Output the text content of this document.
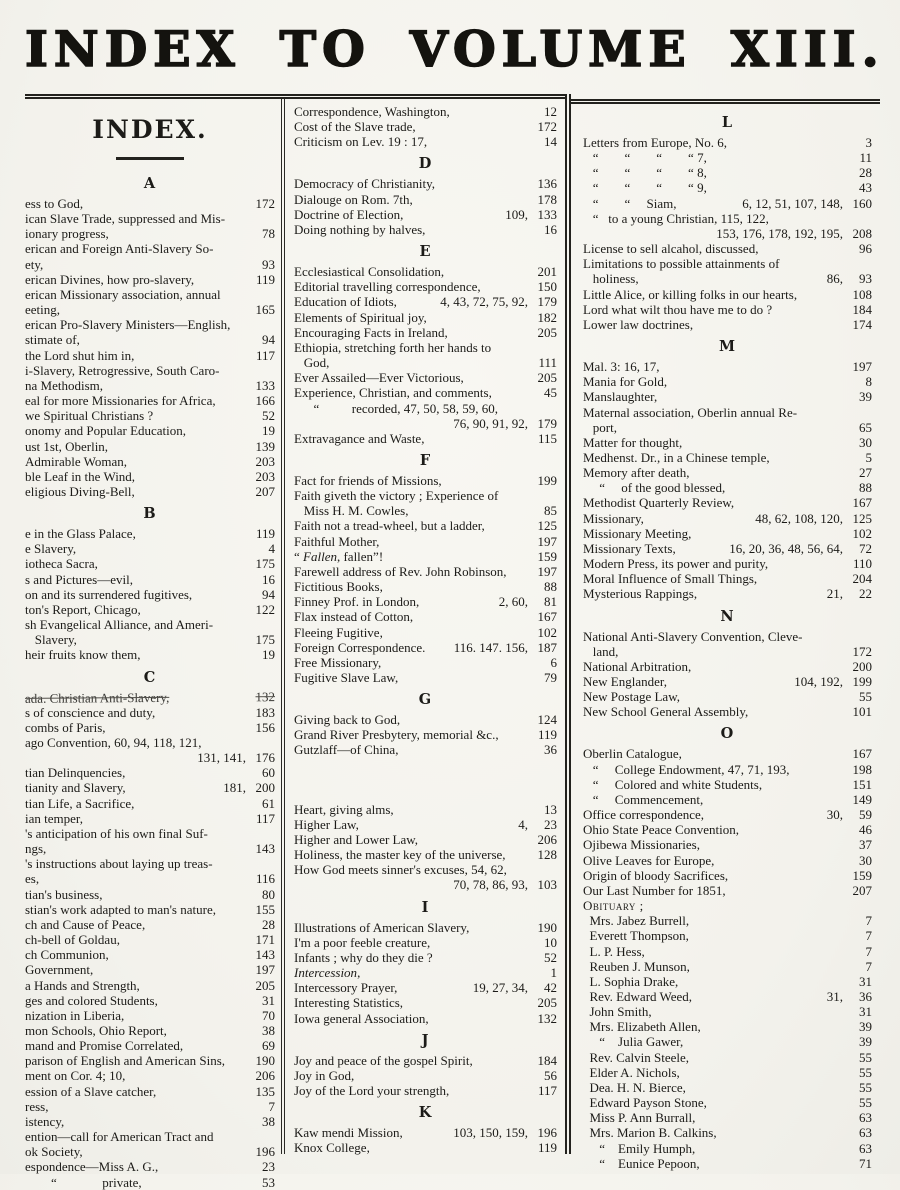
INDEX TO VOLUME XIII.
INDEX.
A
ess to God,	172
ican Slave Trade, suppressed and Mis-
ionary progress,	78
erican and Foreign Anti-Slavery So-
ety,	93
erican Divines, how pro-slavery,	119
erican Missionary association, annual
eeting,	165
erican Pro-Slavery Ministers—English,
stimate of,	94
the Lord shut him in,	117
i-Slavery, Retrogressive, South Caro-
na Methodism,	133
eal for more Missionaries for Africa,	166
we Spiritual Christians ?	52
onomy and Popular Education,	19
ust 1st, Oberlin,	139
Admirable Woman,	203
ble Leaf in the Wind,	203
eligious Diving-Bell,	207
B
e in the Glass Palace,	119
e Slavery,	4
iotheca Sacra,	175
s and Pictures—evil,	16
on and its surrendered fugitives,	94
ton's Report, Chicago,	122
sh Evangelical Alliance, and Ameri-
Slavery,	175
heir fruits know them,	19
C
ada. Christian Anti-Slavery,	132
s of conscience and duty,	183
combs of Paris,	156
ago Convention, 60, 94, 118, 121,
131, 141, 176
tian Delinquencies,	60
tianity and Slavery,	181, 200
tian Life, a Sacrifice,	61
ian temper,	117
's anticipation of his own final Suf-
ngs,	143
's instructions about laying up treas-
es,	116
tian's business,	80
stian's work adapted to man's nature,	155
ch and Cause of Peace,	28
ch-bell of Goldau,	171
ch Communion,	143
Government,	197
a Hands and Strength,	205
ges and colored Students,	31
nization in Liberia,	70
mon Schools, Ohio Report,	38
mand and Promise Correlated,	69
parison of English and American Sins,	190
ment on Cor. 4; 10,	206
ession of a Slave catcher,	135
ress,	7
istency,	38
ention—call for American Tract and
ok Society,	196
espondence—Miss A. G.,	23
“              private,	53
Correspondence, Washington,	12
Cost of the Slave trade,	172
Criticism on Lev. 19 : 17,	14
D
Democracy of Christianity,	136
Dialouge on Rom. 7th,	178
Doctrine of Election,	109, 133
Doing nothing by halves,	16
E
Ecclesiastical Consolidation,	201
Editorial travelling correspondence,	150
Education of Idiots,	4, 43, 72, 75, 92, 179
Elements of Spiritual joy,	182
Encouraging Facts in Ireland,	205
Ethiopia, stretching forth her hands to
God,	111
Ever Assailed—Ever Victorious,	205
Experience, Christian, and comments,	45
“          recorded, 47, 50, 58, 59, 60,
76, 90, 91, 92, 179
Extravagance and Waste,	115
F
Fact for friends of Missions,	199
Faith giveth the victory ; Experience of
Miss H. M. Cowles,	85
Faith not a tread-wheel, but a ladder,	125
Faithful Mother,	197
“ Fallen, fallen”!	159
Farewell address of Rev. John Robinson,	197
Fictitious Books,	88
Finney Prof. in London,	2, 60,	81
Flax instead of Cotton,	167
Fleeing Fugitive,	102
Foreign Correspondence.	116. 147. 156, 187
Free Missionary,	6
Fugitive Slave Law,	79
G
Giving back to God,	124
Grand River Presbytery, memorial &c.,	119
Gutzlaff—of China,	36
Heart, giving alms,	13
Higher Law,	4,	23
Higher and Lower Law,	206
Holiness, the master key of the universe,	128
How God meets sinner's excuses, 54, 62,
70, 78, 86, 93, 103
I
Illustrations of American Slavery,	190
I'm a poor feeble creature,	10
Infants ; why do they die ?	52
Intercession,	1
Intercessory Prayer,	19, 27, 34,	42
Interesting Statistics,	205
Iowa general Association,	132
J
Joy and peace of the gospel Spirit,	184
Joy in God,	56
Joy of the Lord your strength,	117
K
Kaw mendi Mission,	103, 150, 159, 196
Knox College,	119
L
Letters from Europe, No. 6,	3
“        “        “        “ 7,	11
“        “        “        “ 8,	28
“        “        “        “ 9,	43
“        “     Siam,	6, 12, 51, 107, 148, 160
“   to a young Christian, 115, 122,
153, 176, 178, 192, 195, 208
License to sell alcahol, discussed,	96
Limitations to possible attainments of
holiness,	86,	93
Little Alice, or killing folks in our hearts,	108
Lord what wilt thou have me to do ?	184
Lower law doctrines,	174
M
Mal. 3: 16, 17,	197
Mania for Gold,	8
Manslaughter,	39
Maternal association, Oberlin annual Re-
port,	65
Matter for thought,	30
Medhenst. Dr., in a Chinese temple,	5
Memory after death,	27
“     of the good blessed,	88
Methodist Quarterly Review,	167
Missionary,	48, 62, 108, 120, 125
Missionary Meeting,	102
Missionary Texts,	16, 20, 36, 48, 56, 64,	72
Modern Press, its power and purity,	110
Moral Influence of Small Things,	204
Mysterious Rappings,	21,	22
N
National Anti-Slavery Convention, Cleve-
land,	172
National Arbitration,	200
New Englander,	104, 192, 199
New Postage Law,	55
New School General Assembly,	101
O
Oberlin Catalogue,	167
“     College Endowment, 47, 71, 193,	198
“     Colored and white Students,	151
“     Commencement,	149
Office correspondence,	30,	59
Ohio State Peace Convention,	46
Ojibewa Missionaries,	37
Olive Leaves for Europe,	30
Origin of bloody Sacrifices,	159
Our Last Number for 1851,	207
Obituary ;
Mrs. Jabez Burrell,	7
Everett Thompson,	7
L. P. Hess,	7
Reuben J. Munson,	7
L. Sophia Drake,	31
Rev. Edward Weed,	31,	36
John Smith,	31
Mrs. Elizabeth Allen,	39
“    Julia Gawer,	39
Rev. Calvin Steele,	55
Elder A. Nichols,	55
Dea. H. N. Bierce,	55
Edward Payson Stone,	55
Miss P. Ann Burrall,	63
Mrs. Marion B. Calkins,	63
“    Emily Humph,	63
“    Eunice Pepoon,	71
